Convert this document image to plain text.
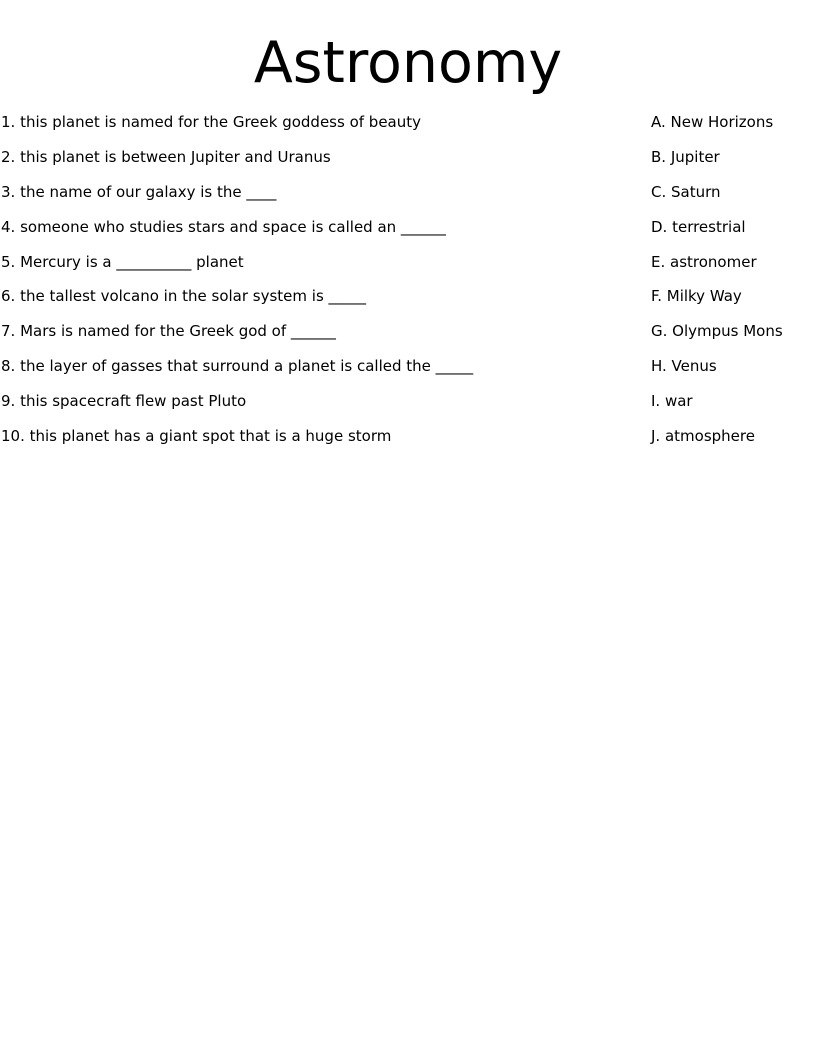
Astronomy
1. this planet is named for the Greek goddess of beauty	A. New Horizons
2. this planet is between Jupiter and Uranus	B. Jupiter
3. the name of our galaxy is the ____	C. Saturn
4. someone who studies stars and space is called an ______	D. terrestrial
5. Mercury is a __________ planet	E. astronomer
6. the tallest volcano in the solar system is _____	F. Milky Way
7. Mars is named for the Greek god of ______	G. Olympus Mons
8. the layer of gasses that surround a planet is called the _____	H. Venus
9. this spacecraft flew past Pluto	I. war
10. this planet has a giant spot that is a huge storm	J. atmosphere
